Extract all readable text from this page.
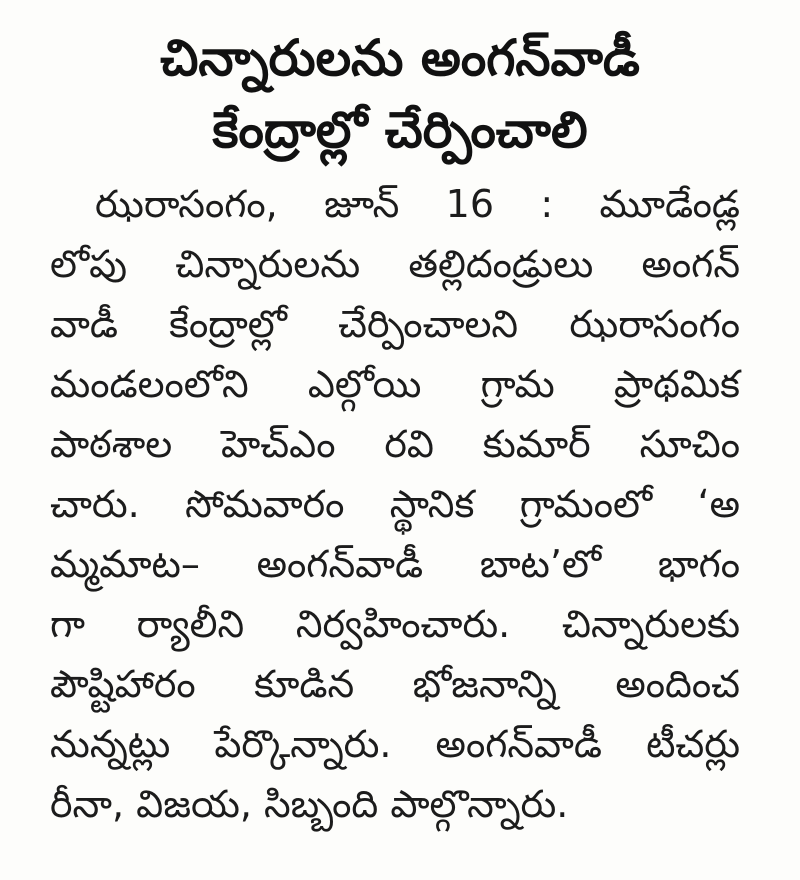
చిన్నారులను అంగన్‌వాడీ
కేంద్రాల్లో చేర్పించాలి
ఝరాసంగం, జూన్ 16 : మూడేండ్ల
లోపు చిన్నారులను తల్లిదండ్రులు అంగన్
వాడీ కేంద్రాల్లో చేర్పించాలని ఝరాసంగం
మండలంలోని ఎల్గోయి గ్రామ ప్రాథమిక
పాఠశాల హెచ్ఎం రవి కుమార్ సూచిం
చారు. సోమవారం స్థానిక గ్రామంలో ‘అ
మ్మమాట– అంగన్‌వాడీ బాట’లో భాగం
గా ర్యాలీని నిర్వహించారు. చిన్నారులకు
పౌష్టిహారం కూడిన భోజనాన్ని అందించ
నున్నట్లు పేర్కొన్నారు. అంగన్‌వాడీ టీచర్లు
రీనా, విజయ, సిబ్బంది పాల్గొన్నారు.
